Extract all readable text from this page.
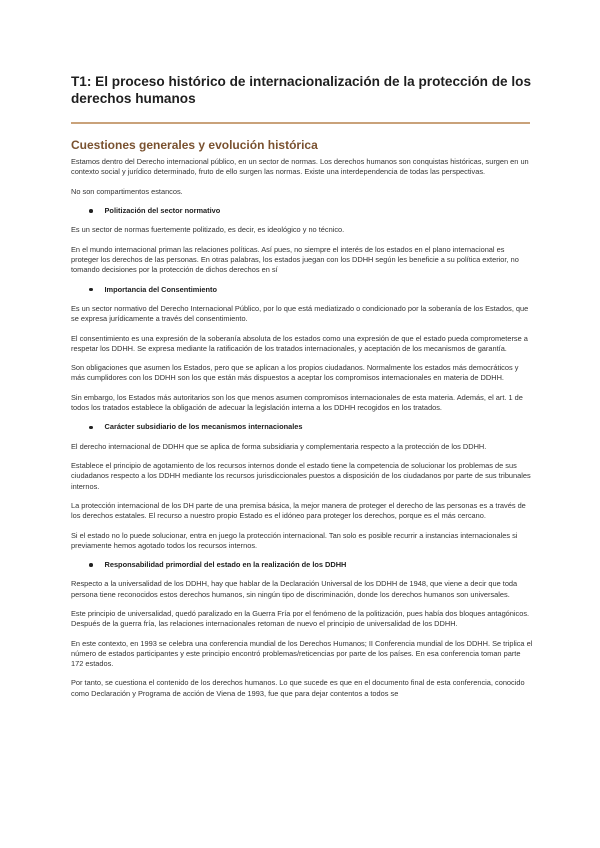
T1: El proceso histórico de internacionalización de la protección de los derechos humanos
Cuestiones generales y evolución histórica

Estamos dentro del Derecho internacional público, en un sector de normas. Los derechos humanos son conquistas históricas, surgen en un contexto social y jurídico determinado, fruto de ello surgen las normas. Existe una interdependencia de todas las perspectivas.

No son compartimentos estancos.

Politización del sector normativo

Es un sector de normas fuertemente politizado, es decir, es ideológico y no técnico.

En el mundo internacional priman las relaciones políticas. Así pues, no siempre el interés de los estados en el plano internacional es proteger los derechos de las personas. En otras palabras, los estados juegan con los DDHH según les beneficie a su política exterior, no tomando decisiones por la protección de dichos derechos en sí

Importancia del Consentimiento

Es un sector normativo del Derecho Internacional Público, por lo que está mediatizado o condicionado por la soberanía de los Estados, que se expresa jurídicamente a través del consentimiento.

El consentimiento es una expresión de la soberanía absoluta de los estados como una expresión de que el estado pueda comprometerse a respetar los DDHH. Se expresa mediante la ratificación de los tratados internacionales, y aceptación de los mecanismos de garantía.

Son obligaciones que asumen los Estados, pero que se aplican a los propios ciudadanos. Normalmente los estados más democráticos y más cumplidores con los DDHH son los que están más dispuestos a aceptar los compromisos internacionales en materia de DDHH.

Sin embargo, los Estados más autoritarios son los que menos asumen compromisos internacionales de esta materia. Además, el art. 1 de todos los tratados establece la obligación de adecuar la legislación interna a los DDHH recogidos en los tratados.

Carácter subsidiario de los mecanismos internacionales

El derecho internacional de DDHH que se aplica de forma subsidiaria y complementaria respecto a la protección de los DDHH.

Establece el principio de agotamiento de los recursos internos donde el estado tiene la competencia de solucionar los problemas de sus ciudadanos respecto a los DDHH mediante los recursos jurisdiccionales puestos a disposición de los ciudadanos por parte de sus tribunales internos.

La protección internacional de los DH parte de una premisa básica, la mejor manera de proteger el derecho de las personas es a través de los derechos estatales. El recurso a nuestro propio Estado es el idóneo para proteger los derechos, porque es el más cercano.

Si el estado no lo puede solucionar, entra en juego la protección internacional. Tan solo es posible recurrir a instancias internacionales si previamente hemos agotado todos los recursos internos.

Responsabilidad primordial del estado en la realización de los DDHH

Respecto a la universalidad de los DDHH, hay que hablar de la Declaración Universal de los DDHH de 1948, que viene a decir que toda persona tiene reconocidos estos derechos humanos, sin ningún tipo de discriminación, donde los derechos humanos son universales.

Este principio de universalidad, quedó paralizado en la Guerra Fría por el fenómeno de la politización, pues había dos bloques antagónicos. Después de la guerra fría, las relaciones internacionales retoman de nuevo el principio de universalidad de los DDHH.

En este contexto, en 1993 se celebra una conferencia mundial de los Derechos Humanos; II Conferencia mundial de los DDHH. Se triplica el número de estados participantes y este principio encontró problemas/reticencias por parte de los países. En esa conferencia toman parte 172 estados.

Por tanto, se cuestiona el contenido de los derechos humanos. Lo que sucede es que en el documento final de esta conferencia, conocido como Declaración y Programa de acción de Viena de 1993, fue que para dejar contentos a todos se
